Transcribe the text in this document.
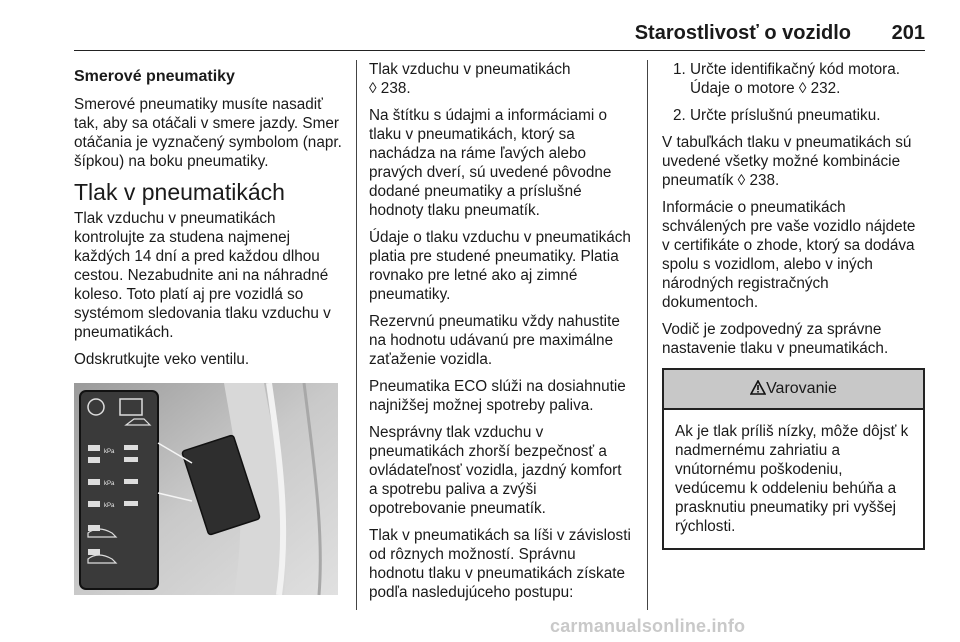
Starostlivosť o vozidlo 201
Smerové pneumatiky

Smerové pneumatiky musíte nasadiť tak, aby sa otáčali v smere jazdy. Smer otáčania je vyznačený symbolom (napr. šípkou) na boku pneumatiky.

Tlak v pneumatikách

Tlak vzduchu v pneumatikách kontrolujte za studena najmenej každých 14 dní a pred každou dlhou cestou. Nezabudnite ani na náhradné koleso. Toto platí aj pre vozidlá so systémom sledovania tlaku vzduchu v pneumatikách.

Odskrutkujte veko ventilu.

kPa
kPa
kPa

Tlak vzduchu v pneumatikách
◊ 238.

Na štítku s údajmi a informáciami o tlaku v pneumatikách, ktorý sa nachádza na ráme ľavých alebo pravých dverí, sú uvedené pôvodne dodané pneumatiky a príslušné hodnoty tlaku pneumatík.

Údaje o tlaku vzduchu v pneumatikách platia pre studené pneumatiky. Platia rovnako pre letné ako aj zimné pneumatiky.

Rezervnú pneumatiku vždy nahustite na hodnotu udávanú pre maximálne zaťaženie vozidla.

Pneumatika ECO slúži na dosiahnutie najnižšej možnej spotreby paliva.

Nesprávny tlak vzduchu v pneumatikách zhorší bezpečnosť a ovládateľnosť vozidla, jazdný komfort a spotrebu paliva a zvýši opotrebovanie pneumatík.

Tlak v pneumatikách sa líši v závislosti od rôznych možností. Správnu hodnotu tlaku v pneumatikách získate podľa nasledujúceho postupu:

1. Určte identifikačný kód motora. Údaje o motore ◊ 232.
2. Určte príslušnú pneumatiku.

V tabuľkách tlaku v pneumatikách sú uvedené všetky možné kombinácie pneumatík ◊ 238.

Informácie o pneumatikách schválených pre vaše vozidlo nájdete v certifikáte o zhode, ktorý sa dodáva spolu s vozidlom, alebo v iných národných registračných dokumentoch.

Vodič je zodpovedný za správne nastavenie tlaku v pneumatikách.

Varovanie
Ak je tlak príliš nízky, môže dôjsť k nadmernému zahriatiu a vnútornému poškodeniu, vedúcemu k oddeleniu behúňa a prasknutiu pneumatiky pri vyššej rýchlosti.
carmanualsonline.info
